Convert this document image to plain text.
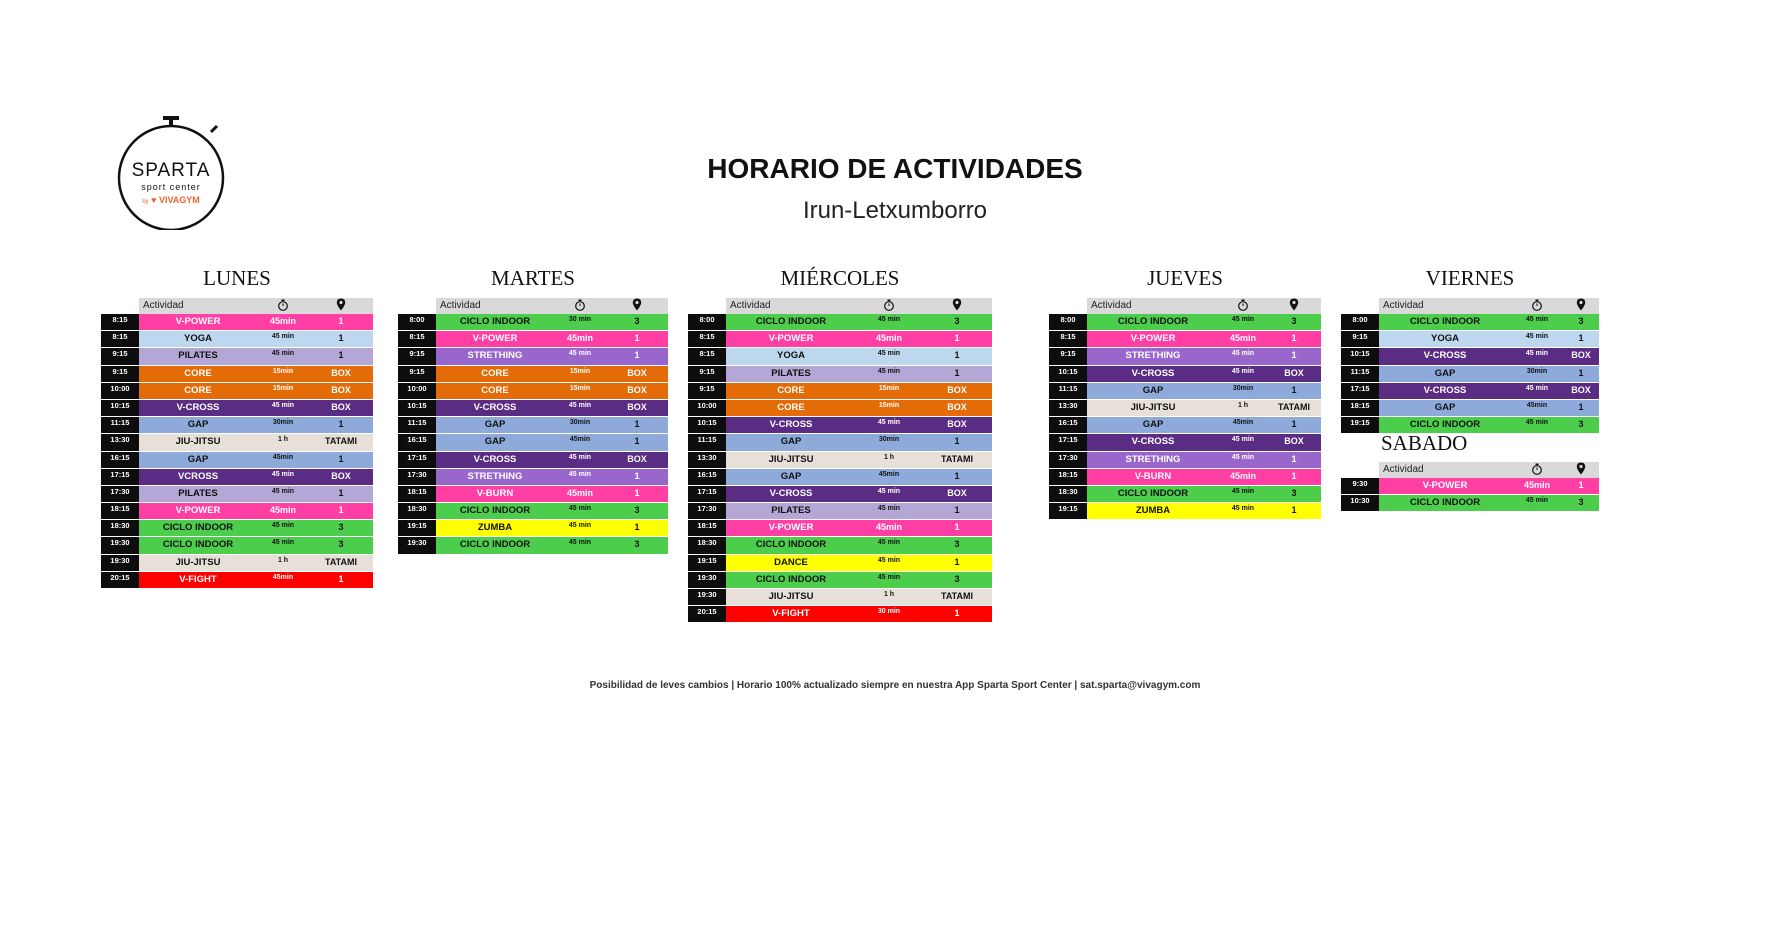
SPARTA
sport center
by ♥ VIVAGYM
HORARIO DE ACTIVIDADES
Irun-Letxumborro
LUNES
Actividad
8:15	V-POWER	45min	1
8:15	YOGA	45 min	1
9:15	PILATES	45 min	1
9:15	CORE	15min	BOX
10:00	CORE	15min	BOX
10:15	V-CROSS	45 min	BOX
11:15	GAP	30min	1
13:30	JIU-JITSU	1 h	TATAMI
16:15	GAP	45min	1
17:15	VCROSS	45 min	BOX
17:30	PILATES	45 min	1
18:15	V-POWER	45min	1
18:30	CICLO INDOOR	45 min	3
19:30	CICLO INDOOR	45 min	3
19:30	JIU-JITSU	1 h	TATAMI
20:15	V-FIGHT	45min	1
MARTES
Actividad
8:00	CICLO INDOOR	30 min	3
8:15	V-POWER	45min	1
9:15	STRETHING	45 min	1
9:15	CORE	15min	BOX
10:00	CORE	15min	BOX
10:15	V-CROSS	45 min	BOX
11:15	GAP	30min	1
16:15	GAP	45min	1
17:15	V-CROSS	45 min	BOX
17:30	STRETHING	45 min	1
18:15	V-BURN	45min	1
18:30	CICLO INDOOR	45 min	3
19:15	ZUMBA	45 min	1
19:30	CICLO INDOOR	45 min	3
MIÉRCOLES
Actividad
8:00	CICLO INDOOR	45 min	3
8:15	V-POWER	45min	1
8:15	YOGA	45 min	1
9:15	PILATES	45 min	1
9:15	CORE	15min	BOX
10:00	CORE	15min	BOX
10:15	V-CROSS	45 min	BOX
11:15	GAP	30min	1
13:30	JIU-JITSU	1 h	TATAMI
16:15	GAP	45min	1
17:15	V-CROSS	45 min	BOX
17:30	PILATES	45 min	1
18:15	V-POWER	45min	1
18:30	CICLO INDOOR	45 min	3
19:15	DANCE	45 min	1
19:30	CICLO INDOOR	45 min	3
19:30	JIU-JITSU	1 h	TATAMI
20:15	V-FIGHT	30 min	1
JUEVES
Actividad
8:00	CICLO INDOOR	45 min	3
8:15	V-POWER	45min	1
9:15	STRETHING	45 min	1
10:15	V-CROSS	45 min	BOX
11:15	GAP	30min	1
13:30	JIU-JITSU	1 h	TATAMI
16:15	GAP	45min	1
17:15	V-CROSS	45 min	BOX
17:30	STRETHING	45 min	1
18:15	V-BURN	45min	1
18:30	CICLO INDOOR	45 min	3
19:15	ZUMBA	45 min	1
VIERNES
Actividad
8:00	CICLO INDOOR	45 min	3
9:15	YOGA	45 min	1
10:15	V-CROSS	45 min	BOX
11:15	GAP	30min	1
17:15	V-CROSS	45 min	BOX
18:15	GAP	45min	1
19:15	CICLO INDOOR	45 min	3
SABADO
Actividad
9:30	V-POWER	45min	1
10:30	CICLO INDOOR	45 min	3
Posibilidad de leves cambios | Horario 100% actualizado siempre en nuestra App Sparta Sport Center | sat.sparta@vivagym.com
